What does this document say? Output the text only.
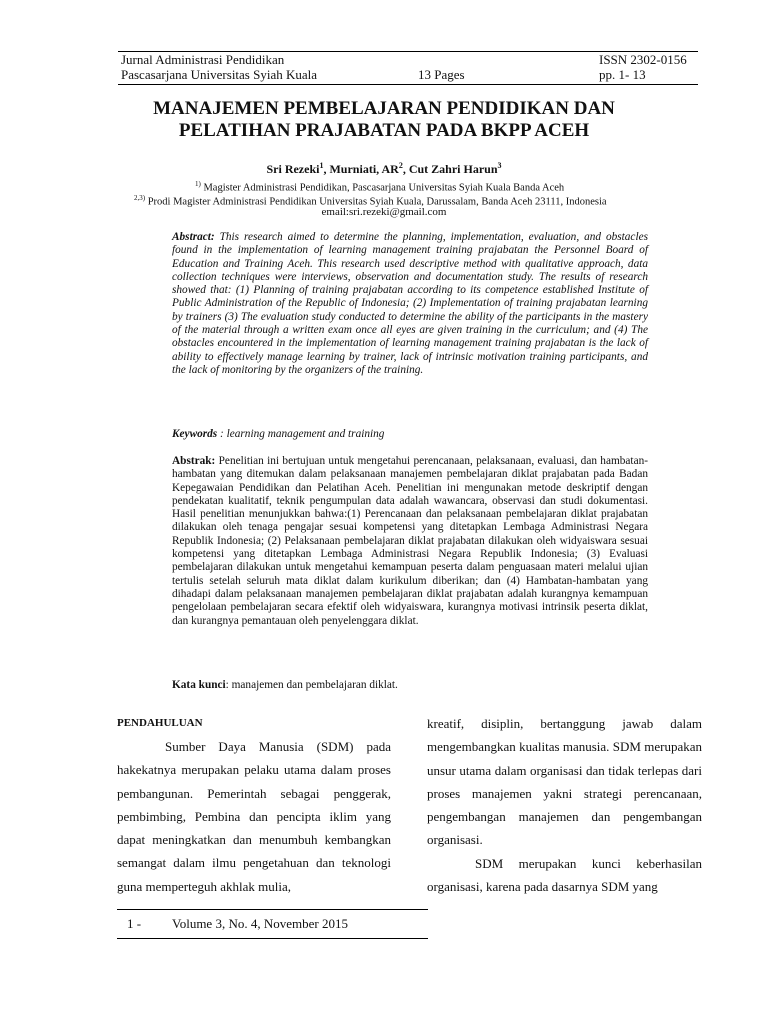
Jurnal Administrasi Pendidikan	ISSN 2302-0156
Pascasarjana Universitas Syiah Kuala	13 Pages	pp. 1- 13
MANAJEMEN PEMBELAJARAN PENDIDIKAN DAN
PELATIHAN PRAJABATAN PADA BKPP ACEH
Sri Rezeki$^1$, Murniati, $AR^2$, Cut Zahri Harun$^3$
$^{1)}$ Magister Administrasi Pendidikan, Pascasarjana Universitas Syiah Kuala Banda Aceh
$^{2,3)}$ Prodi Magister Administrasi Pendidikan Universitas Syiah Kuala, Darussalam, Banda Aceh 23111, Indonesia
email:sri.rezeki@gmail.com
Abstract: This research aimed to determine the planning, implementation, evaluation, and obstacles found in the implementation of learning management training prajabatan the Personnel Board of Education and Training Aceh. This research used descriptive method with qualitative approach, data collection techniques were interviews, observation and documentation study. The results of research showed that: (1) Planning of training prajabatan according to its competence established Institute of Public Administration of the Republic of Indonesia; (2) Implementation of training prajabatan learning by trainers (3) The evaluation study conducted to determine the ability of the participants in the mastery of the material through a written exam once all eyes are given training in the curriculum; and (4) The obstacles encountered in the implementation of learning management training prajabatan is the lack of ability to effectively manage learning by trainer, lack of intrinsic motivation training participants, and the lack of monitoring by the organizers of the training.
Keywords : learning management and training
Abstrak: Penelitian ini bertujuan untuk mengetahui perencanaan, pelaksanaan, evaluasi, dan hambatan-hambatan yang ditemukan dalam pelaksanaan manajemen pembelajaran diklat prajabatan pada Badan Kepegawaian Pendidikan dan Pelatihan Aceh. Penelitian ini mengunakan metode deskriptif dengan pendekatan kualitatif, teknik pengumpulan data adalah wawancara, observasi dan studi dokumentasi. Hasil penelitian menunjukkan bahwa:(1) Perencanaan dan pelaksanaan pembelajaran diklat prajabatan dilakukan oleh tenaga pengajar sesuai kompetensi yang ditetapkan Lembaga Administrasi Negara Republik Indonesia; (2) Pelaksanaan pembelajaran diklat prajabatan dilakukan oleh widyaiswara sesuai kompetensi yang ditetapkan Lembaga Administrasi Negara Republik Indonesia; (3) Evaluasi pembelajaran dilakukan untuk mengetahui kemampuan peserta dalam penguasaan materi melalui ujian tertulis setelah seluruh mata diklat dalam kurikulum diberikan; dan (4) Hambatan-hambatan yang dihadapi dalam pelaksanaan manajemen pembelajaran diklat prajabatan adalah kurangnya kemampuan pengelolaan pembelajaran secara efektif oleh widyaiswara, kurangnya motivasi intrinsik peserta diklat, dan kurangnya pemantauan oleh penyelenggara diklat.
Kata kunci: manajemen dan pembelajaran diklat.
PENDAHULUAN

Sumber Daya Manusia (SDM) pada hakekatnya merupakan pelaku utama dalam proses pembangunan. Pemerintah sebagai penggerak, pembimbing, Pembina dan pencipta iklim yang dapat meningkatkan dan menumbuh kembangkan semangat dalam ilmu pengetahuan dan teknologi guna memperteguh akhlak mulia,

kreatif, disiplin, bertanggung jawab dalam mengembangkan kualitas manusia. SDM merupakan unsur utama dalam organisasi dan tidak terlepas dari proses manajemen yakni strategi perencanaan, pengembangan manajemen dan pengembangan organisasi.

SDM merupakan kunci keberhasilan organisasi, karena pada dasarnya SDM yang

1 - Volume 3, No. 4, November 2015
